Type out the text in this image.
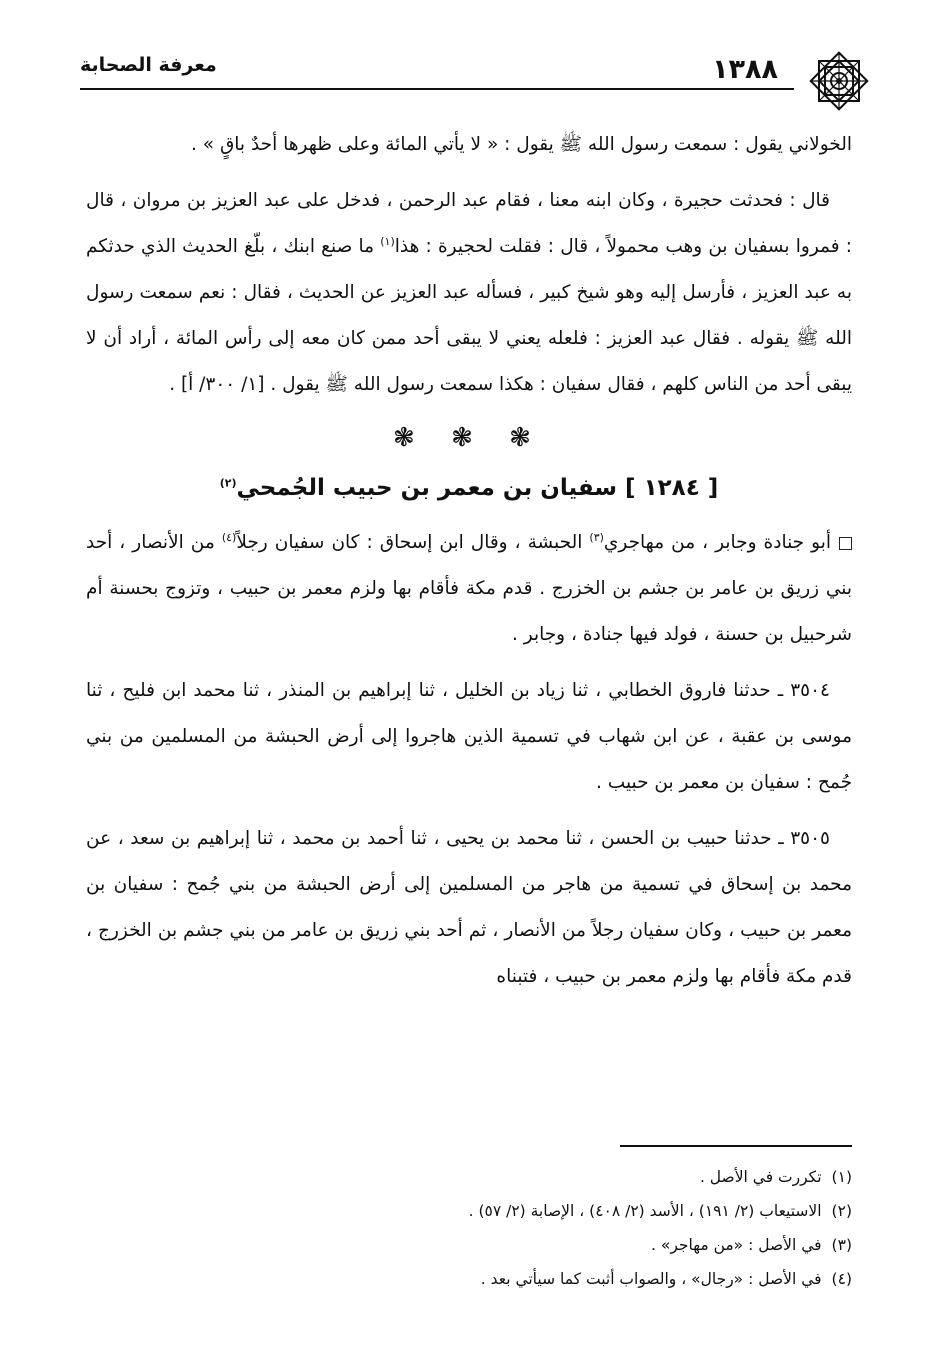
١٣٨٨
معرفة الصحابة

الخولاني يقول : سمعت رسول الله ﷺ يقول : « لا يأتي المائة وعلى ظهرها أحدٌ باقٍ » .

قال : فحدثت حجيرة ، وكان ابنه معنا ، فقام عبد الرحمن ، فدخل على عبد العزيز بن مروان ، قال : فمروا بسفيان بن وهب محمولاً ، قال : فقلت لحجيرة : هذا$^{(١)}$ ما صنع ابنك ، بلّغ الحديث الذي حدثكم به عبد العزيز ، فأرسل إليه وهو شيخ كبير ، فسأله عبد العزيز عن الحديث ، فقال : نعم سمعت رسول الله ﷺ يقوله . فقال عبد العزيز : فلعله يعني لا يبقى أحد ممن كان معه إلى رأس المائة ، أراد أن لا يبقى أحد من الناس كلهم ، فقال سفيان : هكذا سمعت رسول الله ﷺ يقول . [١/ ٣٠٠/ أ] .

❃ ❃ ❃

[ ١٢٨٤ ] سفيان بن معمر بن حبيب الجُمحي$^{(٢)}$

أبو جنادة وجابر ، من مهاجري$^{(٣)}$ الحبشة ، وقال ابن إسحاق : كان سفيان رجلاً$^{(٤)}$ من الأنصار ، أحد بني زريق بن عامر بن جشم بن الخزرج . قدم مكة فأقام بها ولزم معمر بن حبيب ، وتزوج بحسنة أم شرحبيل بن حسنة ، فولد فيها جنادة ، وجابر .

٣٥٠٤ ـ حدثنا فاروق الخطابي ، ثنا زياد بن الخليل ، ثنا إبراهيم بن المنذر ، ثنا محمد ابن فليح ، ثنا موسى بن عقبة ، عن ابن شهاب في تسمية الذين هاجروا إلى أرض الحبشة من المسلمين من بني جُمح : سفيان بن معمر بن حبيب .

٣٥٠٥ ـ حدثنا حبيب بن الحسن ، ثنا محمد بن يحيى ، ثنا أحمد بن محمد ، ثنا إبراهيم بن سعد ، عن محمد بن إسحاق في تسمية من هاجر من المسلمين إلى أرض الحبشة من بني جُمح : سفيان بن معمر بن حبيب ، وكان سفيان رجلاً من الأنصار ، ثم أحد بني زريق بن عامر من بني جشم بن الخزرج ، قدم مكة فأقام بها ولزم معمر بن حبيب ، فتبناه

(١)تكررت في الأصل .
(٢)الاستيعاب (٢/ ١٩١) ، الأسد (٢/ ٤٠٨) ، الإصابة (٢/ ٥٧) .
(٣)في الأصل : «من مهاجر» .
(٤)في الأصل : «رجال» ، والصواب أثبت كما سيأتي بعد .
